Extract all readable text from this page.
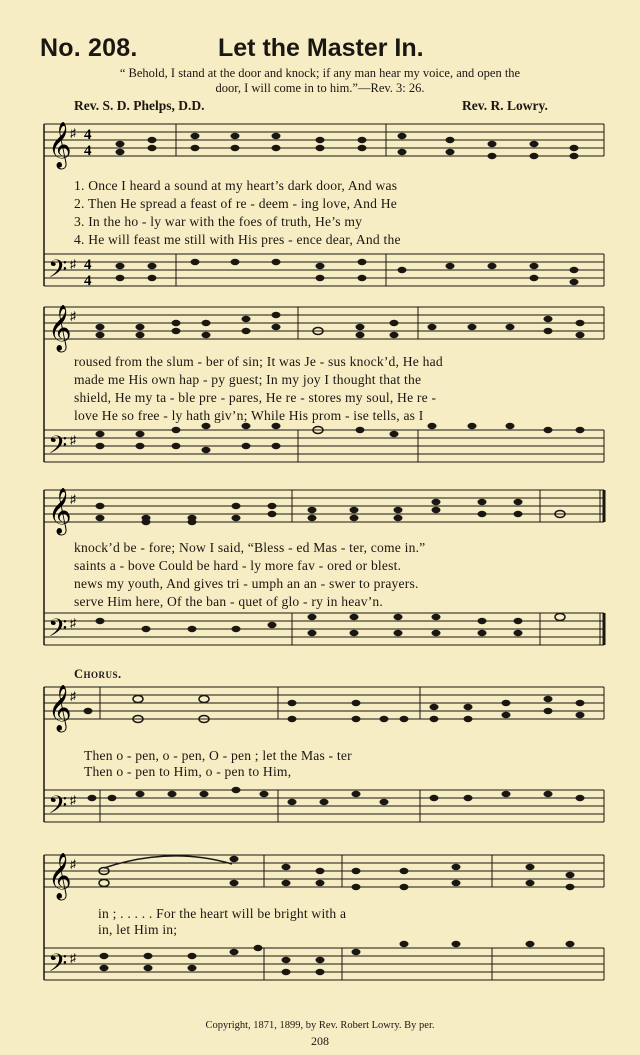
No. 208.	Let the Master In.
“ Behold, I stand at the door and knock; if any man hear my voice, and open the
door, I will come in to him.”—Rev. 3: 26.
Rev. S. D. Phelps, D.D.	Rev. R. Lowry.
𝄞
𝄢
♯
♯
4
4
4
4
𝄞
𝄢
♯
♯
𝄞
𝄢
♯
♯
𝄞
𝄢
♯
♯
𝄞
𝄢
♯
♯
1. Once I heard a sound at my heart’s dark door, And was
2. Then He spread a feast of re - deem - ing love, And He
3. In the ho - ly war with the foes of truth, He’s my
4. He will feast me still with His pres - ence dear, And the
roused from the slum - ber of sin; It was Je - sus knock’d, He had
made me His own hap - py guest; In my joy I thought that the
shield, He my ta - ble pre - pares, He re - stores my soul, He re -
love He so free - ly hath giv’n; While His prom - ise tells, as I
knock’d be - fore; Now I said, “Bless - ed Mas - ter, come in.”
saints a - bove Could be hard - ly more fav - ored or blest.
news my youth, And gives tri - umph an an - swer to prayers.
serve Him here, Of the ban - quet of glo - ry in heav’n.
Chorus.
Then o - pen, o - pen, O - pen ; let the Mas - ter
Then o - pen to Him, o - pen to Him,
in ; . . . . . For the heart will be bright with a
in, let Him in;
Copyright, 1871, 1899, by Rev. Robert Lowry. By per.
208
